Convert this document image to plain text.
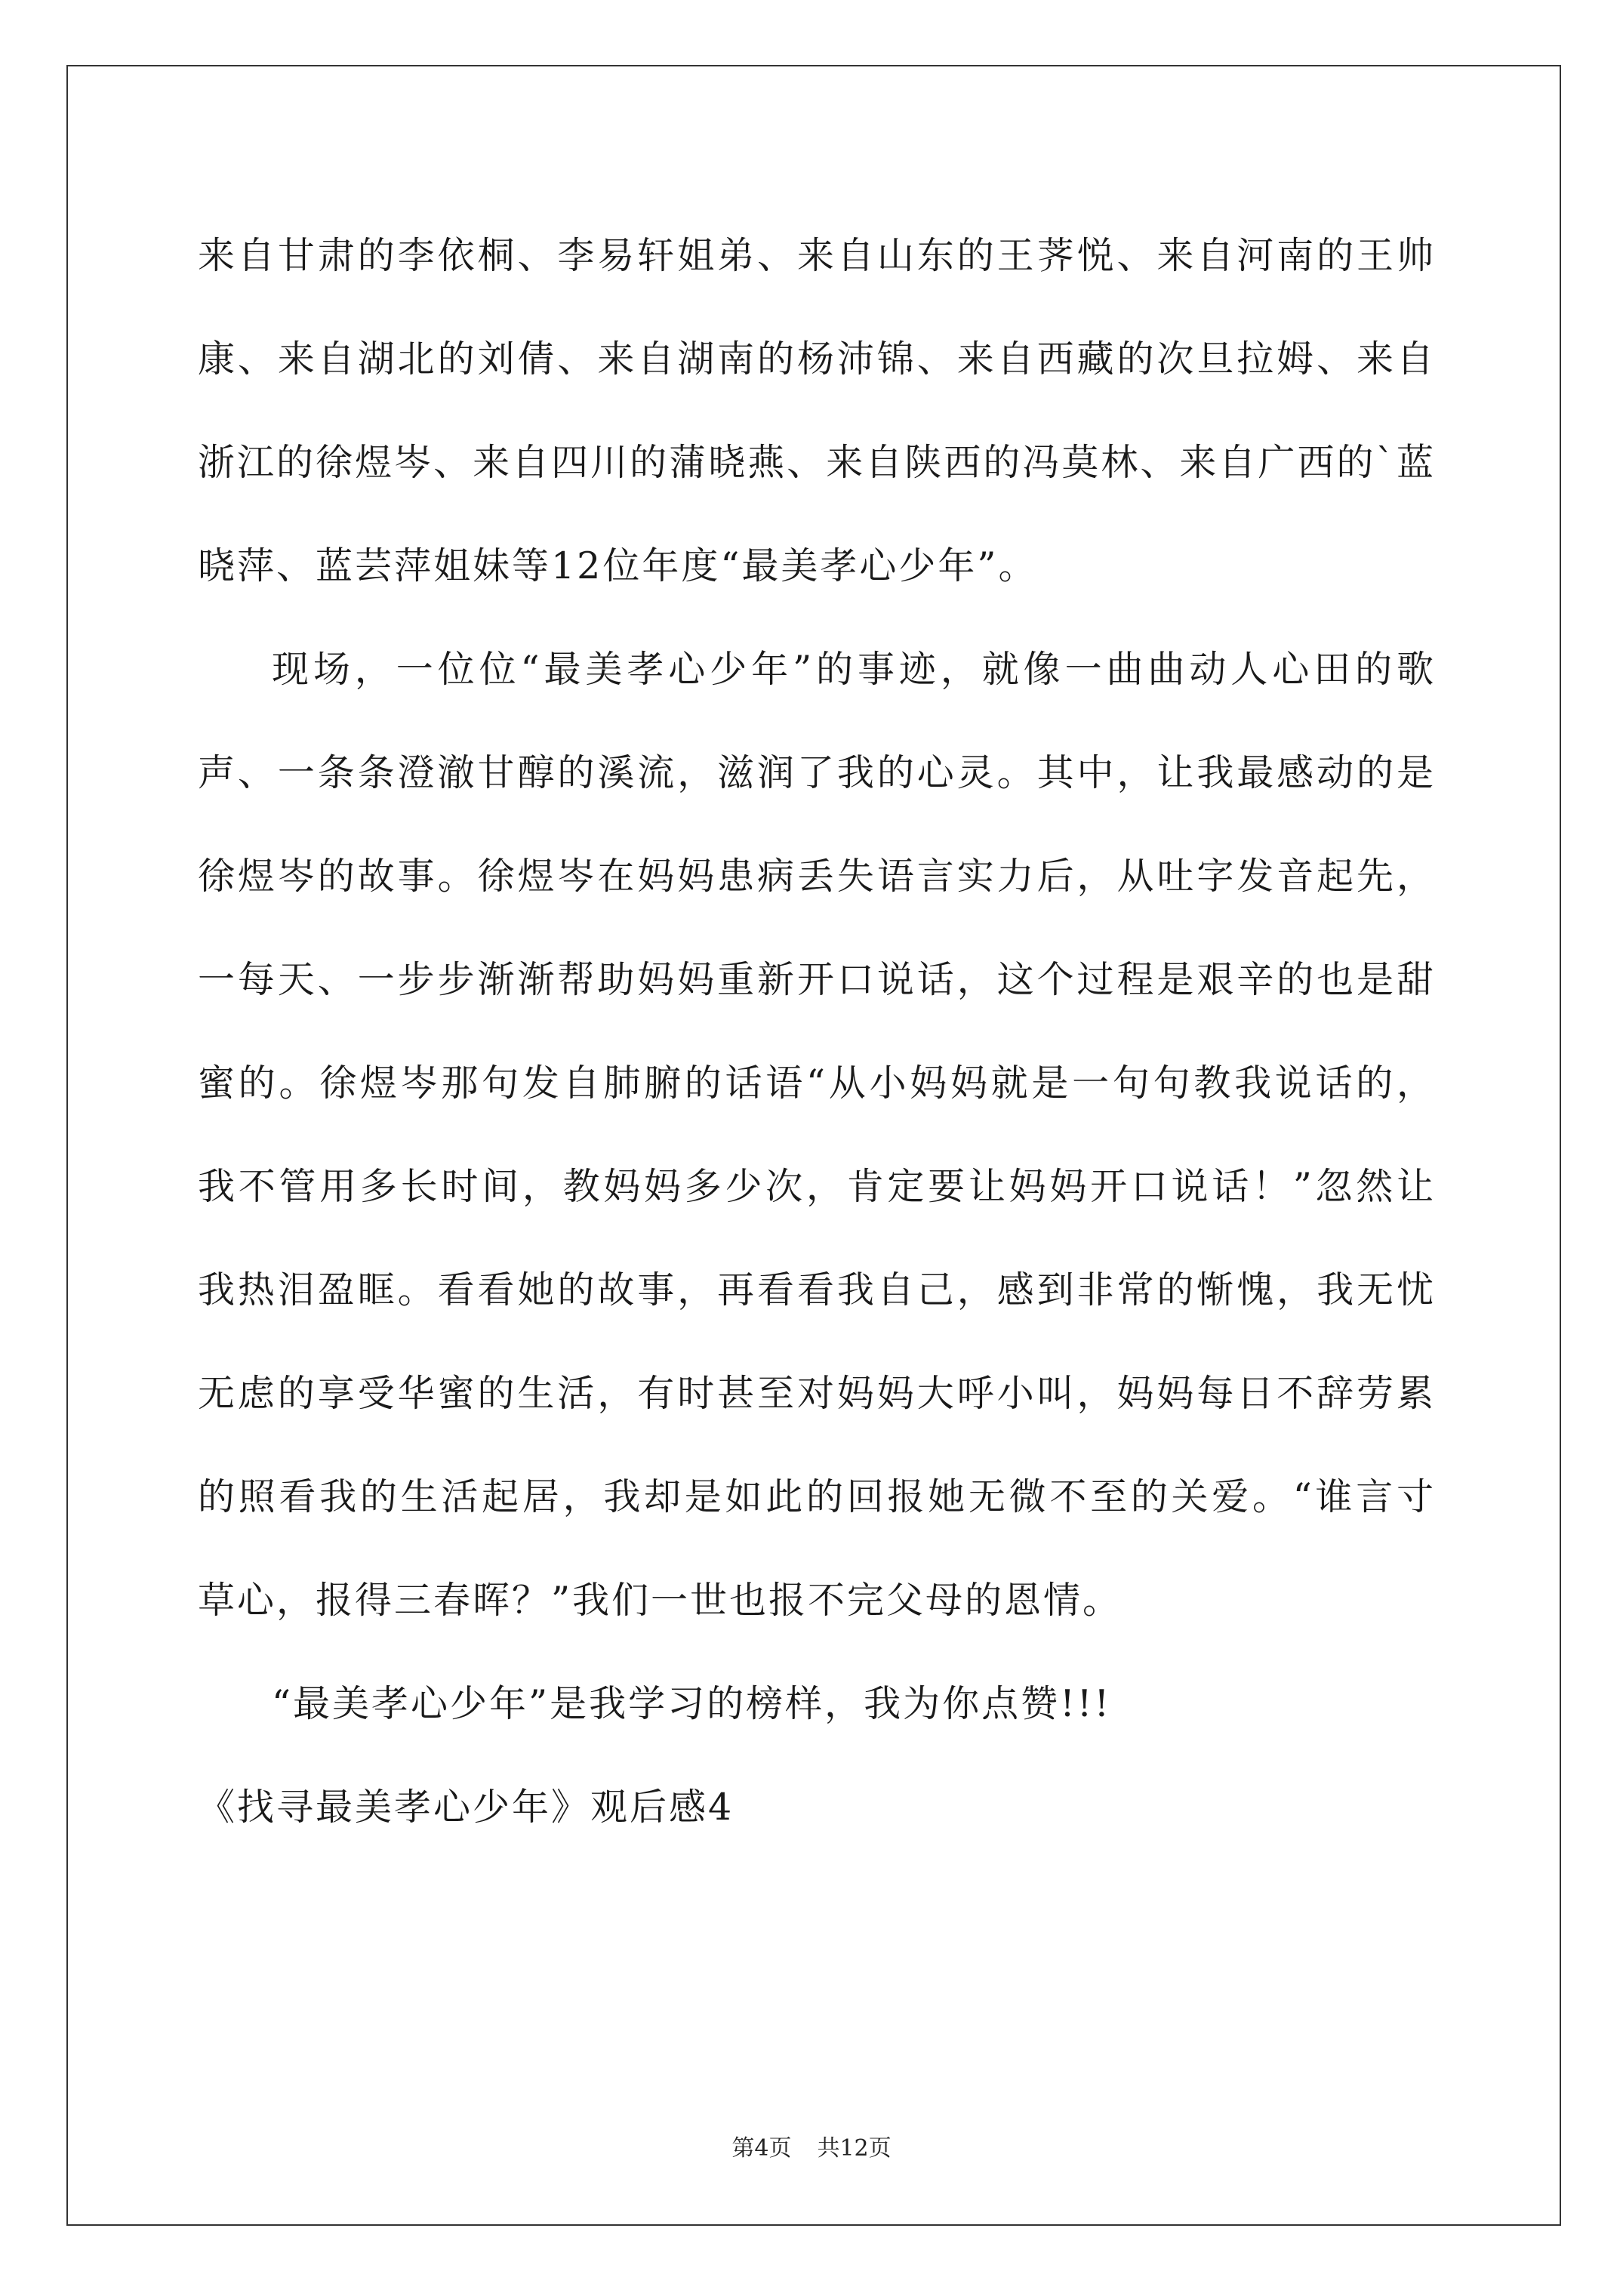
来自甘肃的李依桐、李易轩姐弟、来自山东的王荠悦、来自河南的王帅康、来自湖北的刘倩、来自湖南的杨沛锦、来自西藏的次旦拉姆、来自浙江的徐煜岑、来自四川的蒲晓燕、来自陕西的冯莫林、来自广西的`蓝晓萍、蓝芸萍姐妹等12位年度“最美孝心少年”。

现场，一位位“最美孝心少年”的事迹，就像一曲曲动人心田的歌声、一条条澄澈甘醇的溪流，滋润了我的心灵。其中，让我最感动的是徐煜岑的故事。徐煜岑在妈妈患病丢失语言实力后，从吐字发音起先，一每天、一步步渐渐帮助妈妈重新开口说话，这个过程是艰辛的也是甜蜜的。徐煜岑那句发自肺腑的话语“从小妈妈就是一句句教我说话的，我不管用多长时间，教妈妈多少次，肯定要让妈妈开口说话！”忽然让我热泪盈眶。看看她的故事，再看看我自己，感到非常的惭愧，我无忧无虑的享受华蜜的生活，有时甚至对妈妈大呼小叫，妈妈每日不辞劳累的照看我的生活起居，我却是如此的回报她无微不至的关爱。“谁言寸草心，报得三春晖？”我们一世也报不完父母的恩情。

“最美孝心少年”是我学习的榜样，我为你点赞!!!

《找寻最美孝心少年》观后感4

第4页 共12页
